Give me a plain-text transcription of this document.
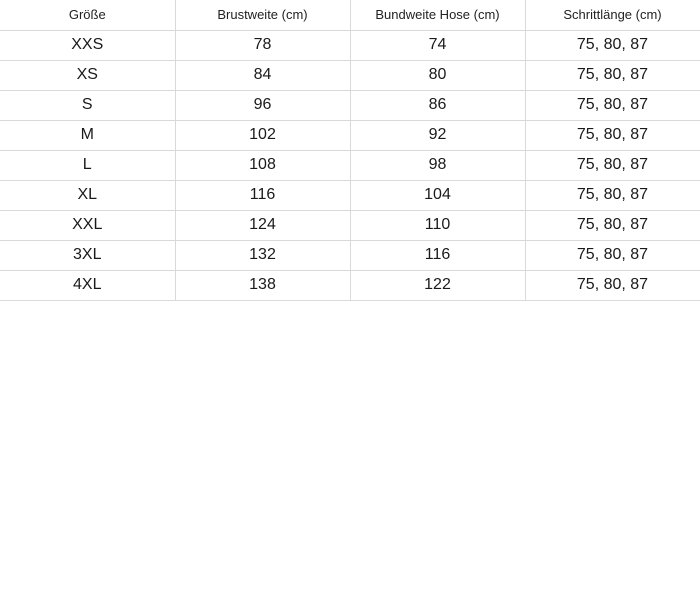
Größe	Brustweite (cm)	Bundweite Hose (cm)	Schrittlänge (cm)
XXS	78	74	75, 80, 87
XS	84	80	75, 80, 87
S	96	86	75, 80, 87
M	102	92	75, 80, 87
L	108	98	75, 80, 87
XL	116	104	75, 80, 87
XXL	124	110	75, 80, 87
3XL	132	116	75, 80, 87
4XL	138	122	75, 80, 87
